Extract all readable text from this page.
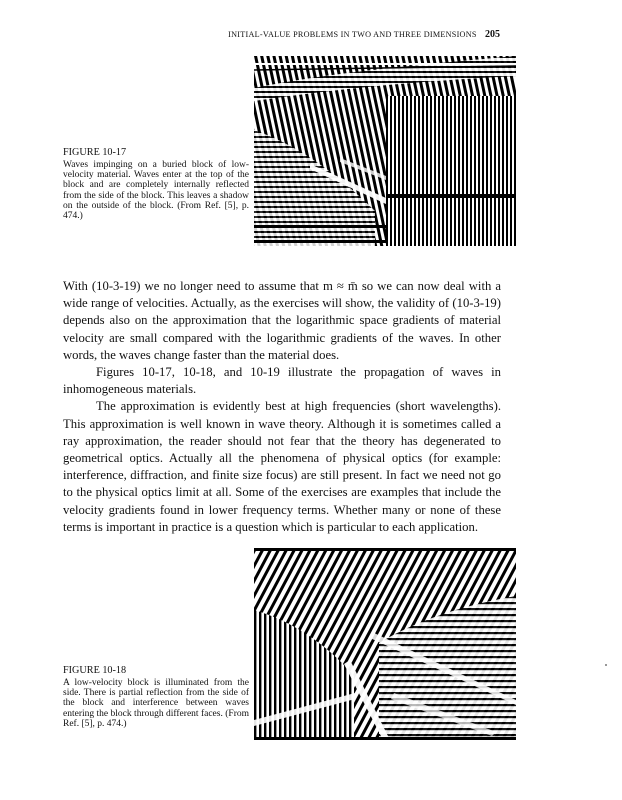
INITIAL-VALUE PROBLEMS IN TWO AND THREE DIMENSIONS 205
FIGURE 10-17
Waves impinging on a buried block of low-velocity material. Waves enter at the top of the block and are completely internally reflected from the side of the block. This leaves a shadow on the outside of the block. (From Ref. [5], p. 474.)

With (10-3-19) we no longer need to assume that m ≈ m̄ so we can now deal with a wide range of velocities. Actually, as the exercises will show, the validity of (10-3-19) depends also on the approximation that the logarithmic space gradients of material velocity are small compared with the logarithmic gradients of the waves. In other words, the waves change faster than the material does.

Figures 10-17, 10-18, and 10-19 illustrate the propagation of waves in inhomogeneous materials.

The approximation is evidently best at high frequencies (short wavelengths). This approximation is well known in wave theory. Although it is sometimes called a ray approximation, the reader should not fear that the theory has degenerated to geometrical optics. Actually all the phenomena of physical optics (for example: interference, diffraction, and finite size focus) are still present. In fact we need not go to the physical optics limit at all. Some of the exercises are examples that include the velocity gradients found in lower frequency terms. Whether many or none of these terms is important in practice is a question which is particular to each application.

FIGURE 10-18
A low-velocity block is illuminated from the side. There is partial reflection from the side of the block and interference between waves entering the block through different faces. (From Ref. [5], p. 474.)
